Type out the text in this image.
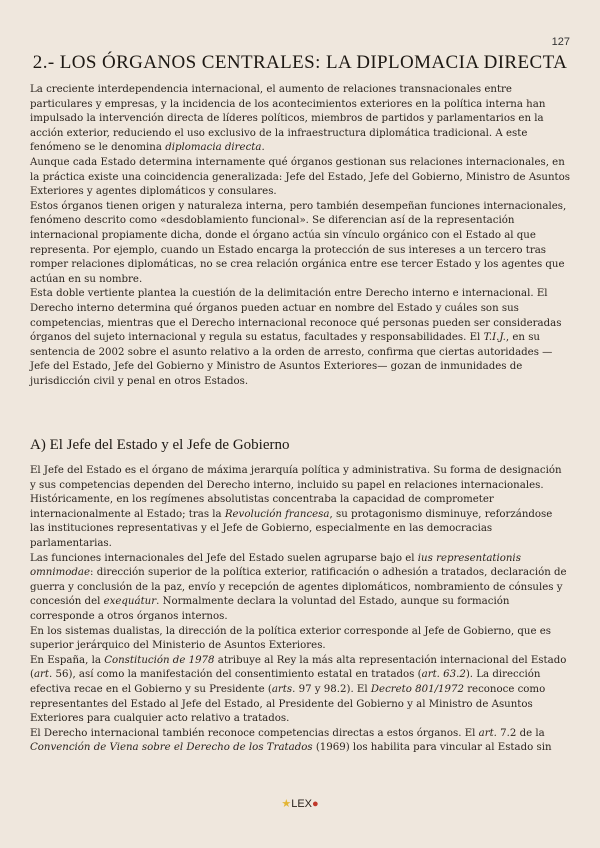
127
2.- LOS ÓRGANOS CENTRALES: LA DIPLOMACIA DIRECTA

La creciente interdependencia internacional, el aumento de relaciones transnacionales entre particulares y empresas, y la incidencia de los acontecimientos exteriores en la política interna han impulsado la intervención directa de líderes políticos, miembros de partidos y parlamentarios en la acción exterior, reduciendo el uso exclusivo de la infraestructura diplomática tradicional. A este fenómeno se le denomina diplomacia directa.

Aunque cada Estado determina internamente qué órganos gestionan sus relaciones internacionales, en la práctica existe una coincidencia generalizada: Jefe del Estado, Jefe del Gobierno, Ministro de Asuntos Exteriores y agentes diplomáticos y consulares.

Estos órganos tienen origen y naturaleza interna, pero también desempeñan funciones internacionales, fenómeno descrito como «desdoblamiento funcional». Se diferencian así de la representación internacional propiamente dicha, donde el órgano actúa sin vínculo orgánico con el Estado al que representa. Por ejemplo, cuando un Estado encarga la protección de sus intereses a un tercero tras romper relaciones diplomáticas, no se crea relación orgánica entre ese tercer Estado y los agentes que actúan en su nombre.

Esta doble vertiente plantea la cuestión de la delimitación entre Derecho interno e internacional. El Derecho interno determina qué órganos pueden actuar en nombre del Estado y cuáles son sus competencias, mientras que el Derecho internacional reconoce qué personas pueden ser consideradas órganos del sujeto internacional y regula su estatus, facultades y responsabilidades. El T.I.J., en su sentencia de 2002 sobre el asunto relativo a la orden de arresto, confirma que ciertas autoridades —Jefe del Estado, Jefe del Gobierno y Ministro de Asuntos Exteriores— gozan de inmunidades de jurisdicción civil y penal en otros Estados.

A) El Jefe del Estado y el Jefe de Gobierno

El Jefe del Estado es el órgano de máxima jerarquía política y administrativa. Su forma de designación y sus competencias dependen del Derecho interno, incluido su papel en relaciones internacionales. Históricamente, en los regímenes absolutistas concentraba la capacidad de comprometer internacionalmente al Estado; tras la Revolución francesa, su protagonismo disminuye, reforzándose las instituciones representativas y el Jefe de Gobierno, especialmente en las democracias parlamentarias.

Las funciones internacionales del Jefe del Estado suelen agruparse bajo el ius representationis omnimodae: dirección superior de la política exterior, ratificación o adhesión a tratados, declaración de guerra y conclusión de la paz, envío y recepción de agentes diplomáticos, nombramiento de cónsules y concesión del exequátur. Normalmente declara la voluntad del Estado, aunque su formación corresponde a otros órganos internos.

En los sistemas dualistas, la dirección de la política exterior corresponde al Jefe de Gobierno, que es superior jerárquico del Ministerio de Asuntos Exteriores.

En España, la Constitución de 1978 atribuye al Rey la más alta representación internacional del Estado (art. 56), así como la manifestación del consentimiento estatal en tratados (art. 63.2). La dirección efectiva recae en el Gobierno y su Presidente (arts. 97 y 98.2). El Decreto 801/1972 reconoce como representantes del Estado al Jefe del Estado, al Presidente del Gobierno y al Ministro de Asuntos Exteriores para cualquier acto relativo a tratados.

El Derecho internacional también reconoce competencias directas a estos órganos. El art. 7.2 de la Convención de Viena sobre el Derecho de los Tratados (1969) los habilita para vincular al Estado sin

★LEX●
